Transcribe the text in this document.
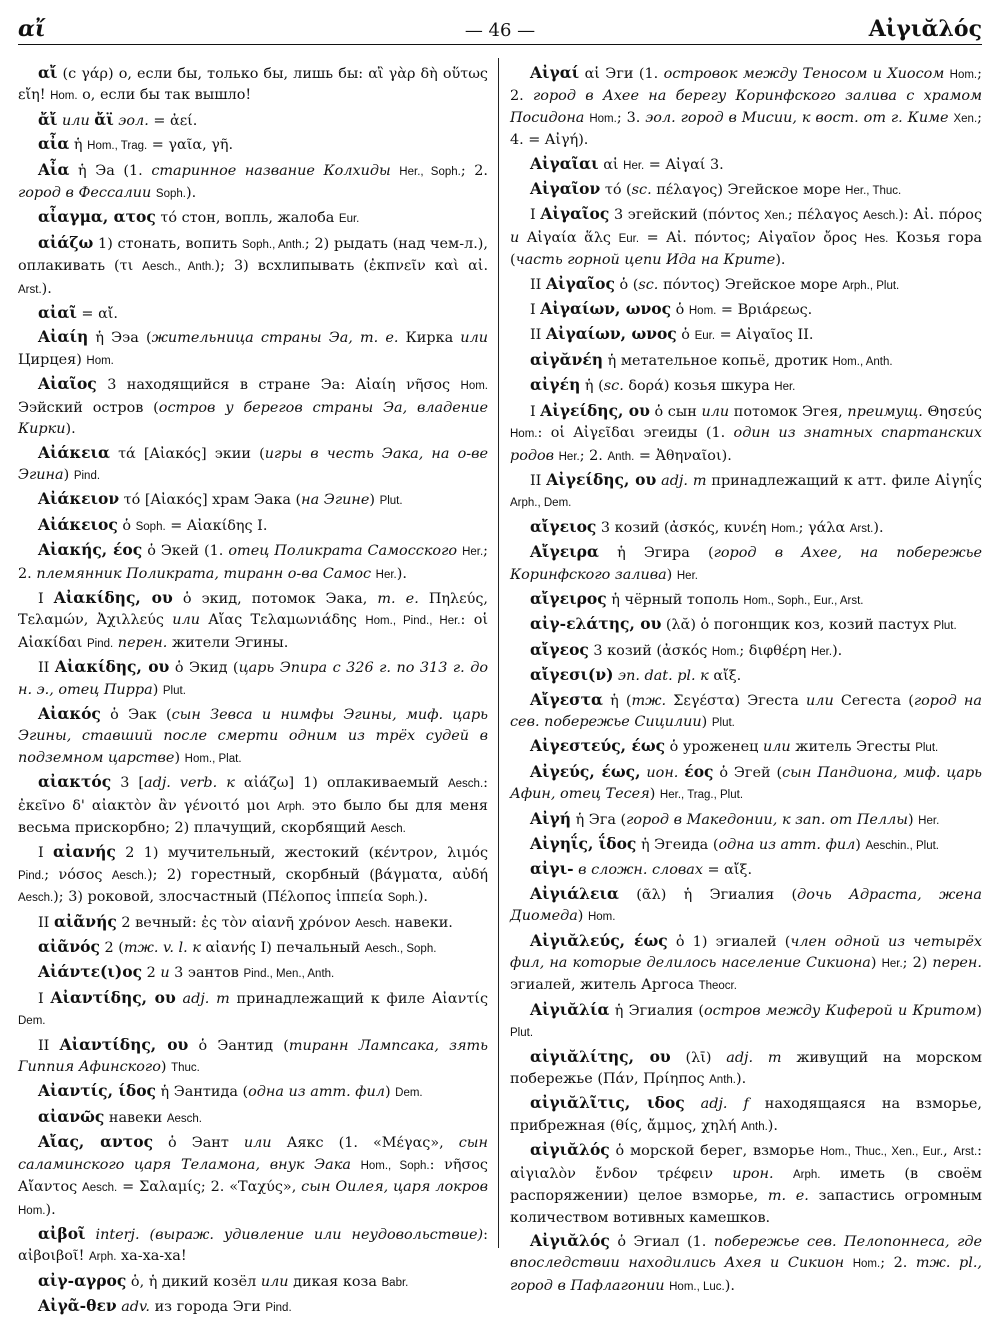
αἴ	— 46 —	Αἰγιᾰλός
αἴ (с γάρ) о, если бы, только бы, лишь бы: αἲ γὰρ δὴ οὕτως εἴη! Hom. о, если бы так вышло!
ἄἴ или ἄϊ эол. = ἀεί.
αἶα ἡ Hom., Trag. = γαῖα, γῆ.
Αἶα ἡ Эа (1. старинное название Колхиды Her., Soph.; 2. город в Фессалии Soph.).
αἶαγμα, ατος τό стон, вопль, жалоба Eur.
αἰάζω 1) стонать, вопить Soph., Anth.; 2) рыдать (над чем-л.), оплакивать (τι Aesch., Anth.); 3) всхлипывать (ἐκπνεῖν καὶ αἰ. Arst.).
αἰαῖ = αἴ.
Αἰαίη ἡ Ээа (жительница страны Эа, т. е. Кирка или Цирцея) Hom.
Αἰαῖος 3 находящийся в стране Эа: Αἰαίη νῆσος Hom. Ээйский остров (остров у берегов страны Эа, владение Кирки).
Αἰάκεια τά [Αἰακός] экии (игры в честь Эака, на о-ве Эгина) Pind.
Αἰάκειον τό [Αἰακός] храм Эака (на Эгине) Plut.
Αἰάκειος ὁ Soph. = Αἰακίδης I.
Αἰακής, έος ὁ Экей (1. отец Поликрата Самосского Her.; 2. племянник Поликрата, тиранн о-ва Самос Her.).
I Αἰακίδης, ου ὁ экид, потомок Эака, т. е. Πηλεύς, Τελαμών, Ἀχιλλεύς или Αἴας Τελαμωνιάδης Hom., Pind., Her.: οἱ Αἰακίδαι Pind. перен. жители Эгины.
II Αἰακίδης, ου ὁ Экид (царь Эпира с 326 г. по 313 г. до н. э., отец Пирра) Plut.
Αἰακός ὁ Эак (сын Зевса и нимфы Эгины, миф. царь Эгины, ставший после смерти одним из трёх судей в подземном царстве) Hom., Plat.
αἰακτός 3 [adj. verb. к αἰάζω] 1) оплакиваемый Aesch.: ἐκεῖνο δ' αἰακτὸν ἂν γένοιτό μοι Arph. это было бы для меня весьма прискорбно; 2) плачущий, скорбящий Aesch.
I αἰανής 2 1) мучительный, жестокий (κέντρον, λιμός Pind.; νόσος Aesch.); 2) горестный, скорбный (βάγματα, αὐδή Aesch.); 3) роковой, злосчастный (Πέλοπος ἱππεία Soph.).
II αἰᾶνής 2 вечный: ἐς τὸν αἰανῆ χρόνον Aesch. навеки.
αἰᾶνός 2 (тж. v. l. к αἰανής I) печальный Aesch., Soph.
Αἰάντε(ι)ος 2 и 3 эантов Pind., Men., Anth.
I Αἰαντίδης, ου adj. m принадлежащий к филе Αἰαντίς Dem.
II Αἰαντίδης, ου ὁ Эантид (тиранн Лампсака, зять Гиппия Афинского) Thuc.
Αἰαντίς, ίδος ἡ Эантида (одна из атт. фил) Dem.
αἰανῶς навеки Aesch.
Αἴας, αντος ὁ Эант или Аякс (1. «Μέγας», сын саламинского царя Теламона, внук Эака Hom., Soph.: νῆσος Αἴαντος Aesch. = Σαλαμίς; 2. «Ταχύς», сын Оилея, царя локров Hom.).
αἰβοῖ interj. (выраж. удивление или неудовольствие): αἰβοιβοῖ! Arph. ха-ха-ха!
αἰγ-αγρος ὁ, ἡ дикий козёл или дикая коза Babr.
Αἰγᾶ-θεν adv. из города Эги Pind.
Αἰγαί αἱ Эги (1. островок между Теносом и Хиосом Hom.; 2. город в Ахее на берегу Коринфского залива с храмом Посидона Hom.; 3. эол. город в Мисии, к вост. от г. Киме Xen.; 4. = Αἰγή).
Αἰγαῖαι αἱ Her. = Αἰγαί 3.
Αἰγαῖον τό (sc. πέλαγος) Эгейское море Her., Thuc.
I Αἰγαῖος 3 эгейский (πόντος Xen.; πέλαγος Aesch.): Αἰ. πόρος и Αἰγαία ἅλς Eur. = Αἰ. πόντος; Αἰγαῖον ὄρος Hes. Козья гора (часть горной цепи Ида на Крите).
II Αἰγαῖος ὁ (sc. πόντος) Эгейское море Arph., Plut.
I Αἰγαίων, ωνος ὁ Hom. = Βριάρεως.
II Αἰγαίων, ωνος ὁ Eur. = Αἰγαῖος II.
αἰγᾰνέη ἡ метательное копьё, дротик Hom., Anth.
αἰγέη ἡ (sc. δορά) козья шкура Her.
I Αἰγείδης, ου ὁ сын или потомок Эгея, преимущ. Θησεύς Hom.: οἱ Αἰγεῖδαι эгеиды (1. один из знатных спартанских родов Her.; 2. Anth. = Ἀθηναῖοι).
II Αἰγείδης, ου adj. m принадлежащий к атт. филе Αἰγηΐς Arph., Dem.
αἴγειος 3 козий (ἀσκός, κυνέη Hom.; γάλα Arst.).
Αἴγειρα ἡ Эгира (город в Ахее, на побережье Коринфского залива) Her.
αἴγειρος ἡ чёрный тополь Hom., Soph., Eur., Arst.
αἰγ-ελάτης, ου (λᾰ) ὁ погонщик коз, козий пастух Plut.
αἴγεος 3 козий (ἀσκός Hom.; διφθέρη Her.).
αἴγεσι(ν) эп. dat. pl. к αἴξ.
Αἴγεστα ἡ (тж. Σεγέστα) Эгеста или Сегеста (город на сев. побережье Сицилии) Plut.
Αἰγεστεύς, έως ὁ уроженец или житель Эгесты Plut.
Αἰγεύς, έως, ион. έος ὁ Эгей (сын Пандиона, миф. царь Афин, отец Тесея) Her., Trag., Plut.
Αἰγή ἡ Эга (город в Македонии, к зап. от Пеллы) Her.
Αἰγηΐς, ΐδος ἡ Эгеида (одна из атт. фил) Aeschin., Plut.
αἰγι- в сложн. словах = αἴξ.
Αἰγιάλεια (ᾶλ) ἡ Эгиалия (дочь Адраста, жена Диомеда) Hom.
Αἰγιᾰλεύς, έως ὁ 1) эгиалей (член одной из четырёх фил, на которые делилось население Сикиона) Her.; 2) перен. эгиалей, житель Аргоса Theocr.
Αἰγιᾰλία ἡ Эгиалия (остров между Киферой и Критом) Plut.
αἰγιᾰλίτης, ου (λῑ) adj. m живущий на морском побережье (Πάν, Πρίηπος Anth.).
αἰγιᾰλῖτις, ιδος adj. f находящаяся на взморье, прибрежная (θίς, ἄμμος, χηλή Anth.).
αἰγιᾰλός ὁ морской берег, взморье Hom., Thuc., Xen., Eur., Arst.: αἰγιαλὸν ἔνδον τρέφειν ирон. Arph. иметь (в своём распоряжении) целое взморье, т. е. запастись огромным количеством вотивных камешков.
Αἰγιᾰλός ὁ Эгиал (1. побережье сев. Пелопоннеса, где впоследствии находились Ахея и Сикион Hom.; 2. тж. pl., город в Пафлагонии Hom., Luc.).
